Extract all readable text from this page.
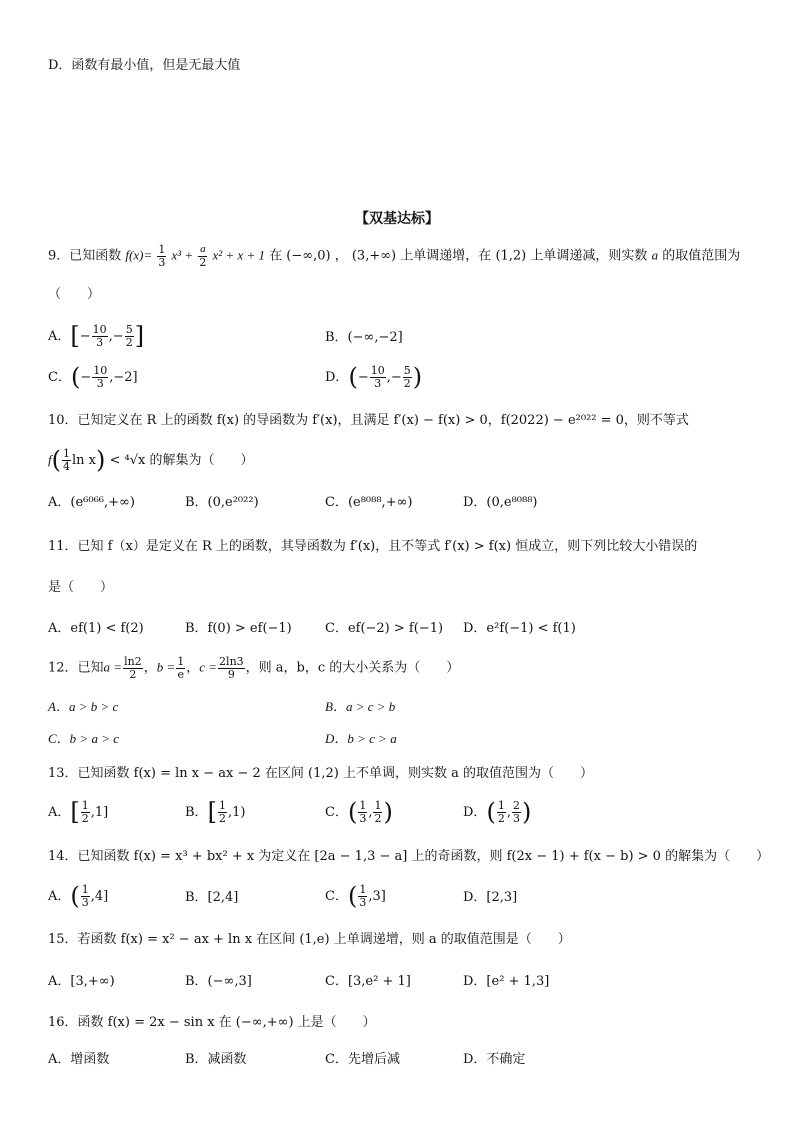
D．函数有最小值，但是无最大值
【双基达标】
9．已知函数 $f(x)= \frac{1}{3} x^3 + \frac{a}{2} x^2 + x + 1$ 在 (−∞,0) ， (3,+∞) 上单调递增，在 (1,2) 上单调递减，则实数 a 的取值范围为
（　　）
A．[− $\frac{10}{3}$ ,− $\frac{5}{2}$ ]	B．(−∞,−2]
C．(− $\frac{10}{3} ,-2$]	D．(− $\frac{10}{3}$ ,− $\frac{5}{2}$ )
10．已知定义在 R 上的函数 f(x) 的导函数为 f′(x)，且满足 f′(x) − f(x) > 0，f(2022) − e²⁰²² = 0，则不等式
$f( \frac{1}{4}$ ln x) < ⁴√x 的解集为（　　）
A．(e⁶⁰⁶⁶,+∞)	B．(0,e²⁰²²)	C．(e⁸⁰⁸⁸,+∞)	D．(0,e⁸⁰⁸⁸)
11．已知 f（x）是定义在 R 上的函数，其导函数为 f′(x)，且不等式 f′(x) > f(x) 恒成立，则下列比较大小错误的
是（　　）
A．ef(1) < f(2)	B．f(0) > ef(−1)	C．ef(−2) > f(−1) D．e²f(−1) < f(1)
12．已知$a = \frac{\ln 2}{2}$ ，$b = \frac{1}{e}$ ，$c = \frac{2\ln 3}{9}$ ，则 a，b，c 的大小关系为（　　）
A．a > b > c	B．a > c > b
C．b > a > c	D．b > c > a
13．已知函数 f(x) = ln x − ax − 2 在区间 (1,2) 上不单调，则实数 a 的取值范围为（　　）
A．[ $\frac{1}{2} ,1$]	B．[ $\frac{1}{2} ,1$)	C．( $\frac{1}{3}$ , $\frac{1}{2}$ )	D．( $\frac{1}{2}$ , $\frac{2}{3}$ )
14．已知函数 f(x) = x³ + bx² + x 为定义在 [2a − 1,3 − a] 上的奇函数，则 f(2x − 1) + f(x − b) > 0 的解集为（　　）
A．( $\frac{1}{3} ,4$]	B．[2,4]	C．( $\frac{1}{3} ,3$]	D．[2,3]
15．若函数 f(x) = x² − ax + ln x 在区间 (1,e) 上单调递增，则 a 的取值范围是（　　）
A．[3,+∞)	B．(−∞,3]	C．[3,e² + 1]	D．[e² + 1,3]
16．函数 f(x) = 2x − sin x 在 (−∞,+∞) 上是（　　）
A．增函数	B．减函数	C．先增后减	D．不确定
